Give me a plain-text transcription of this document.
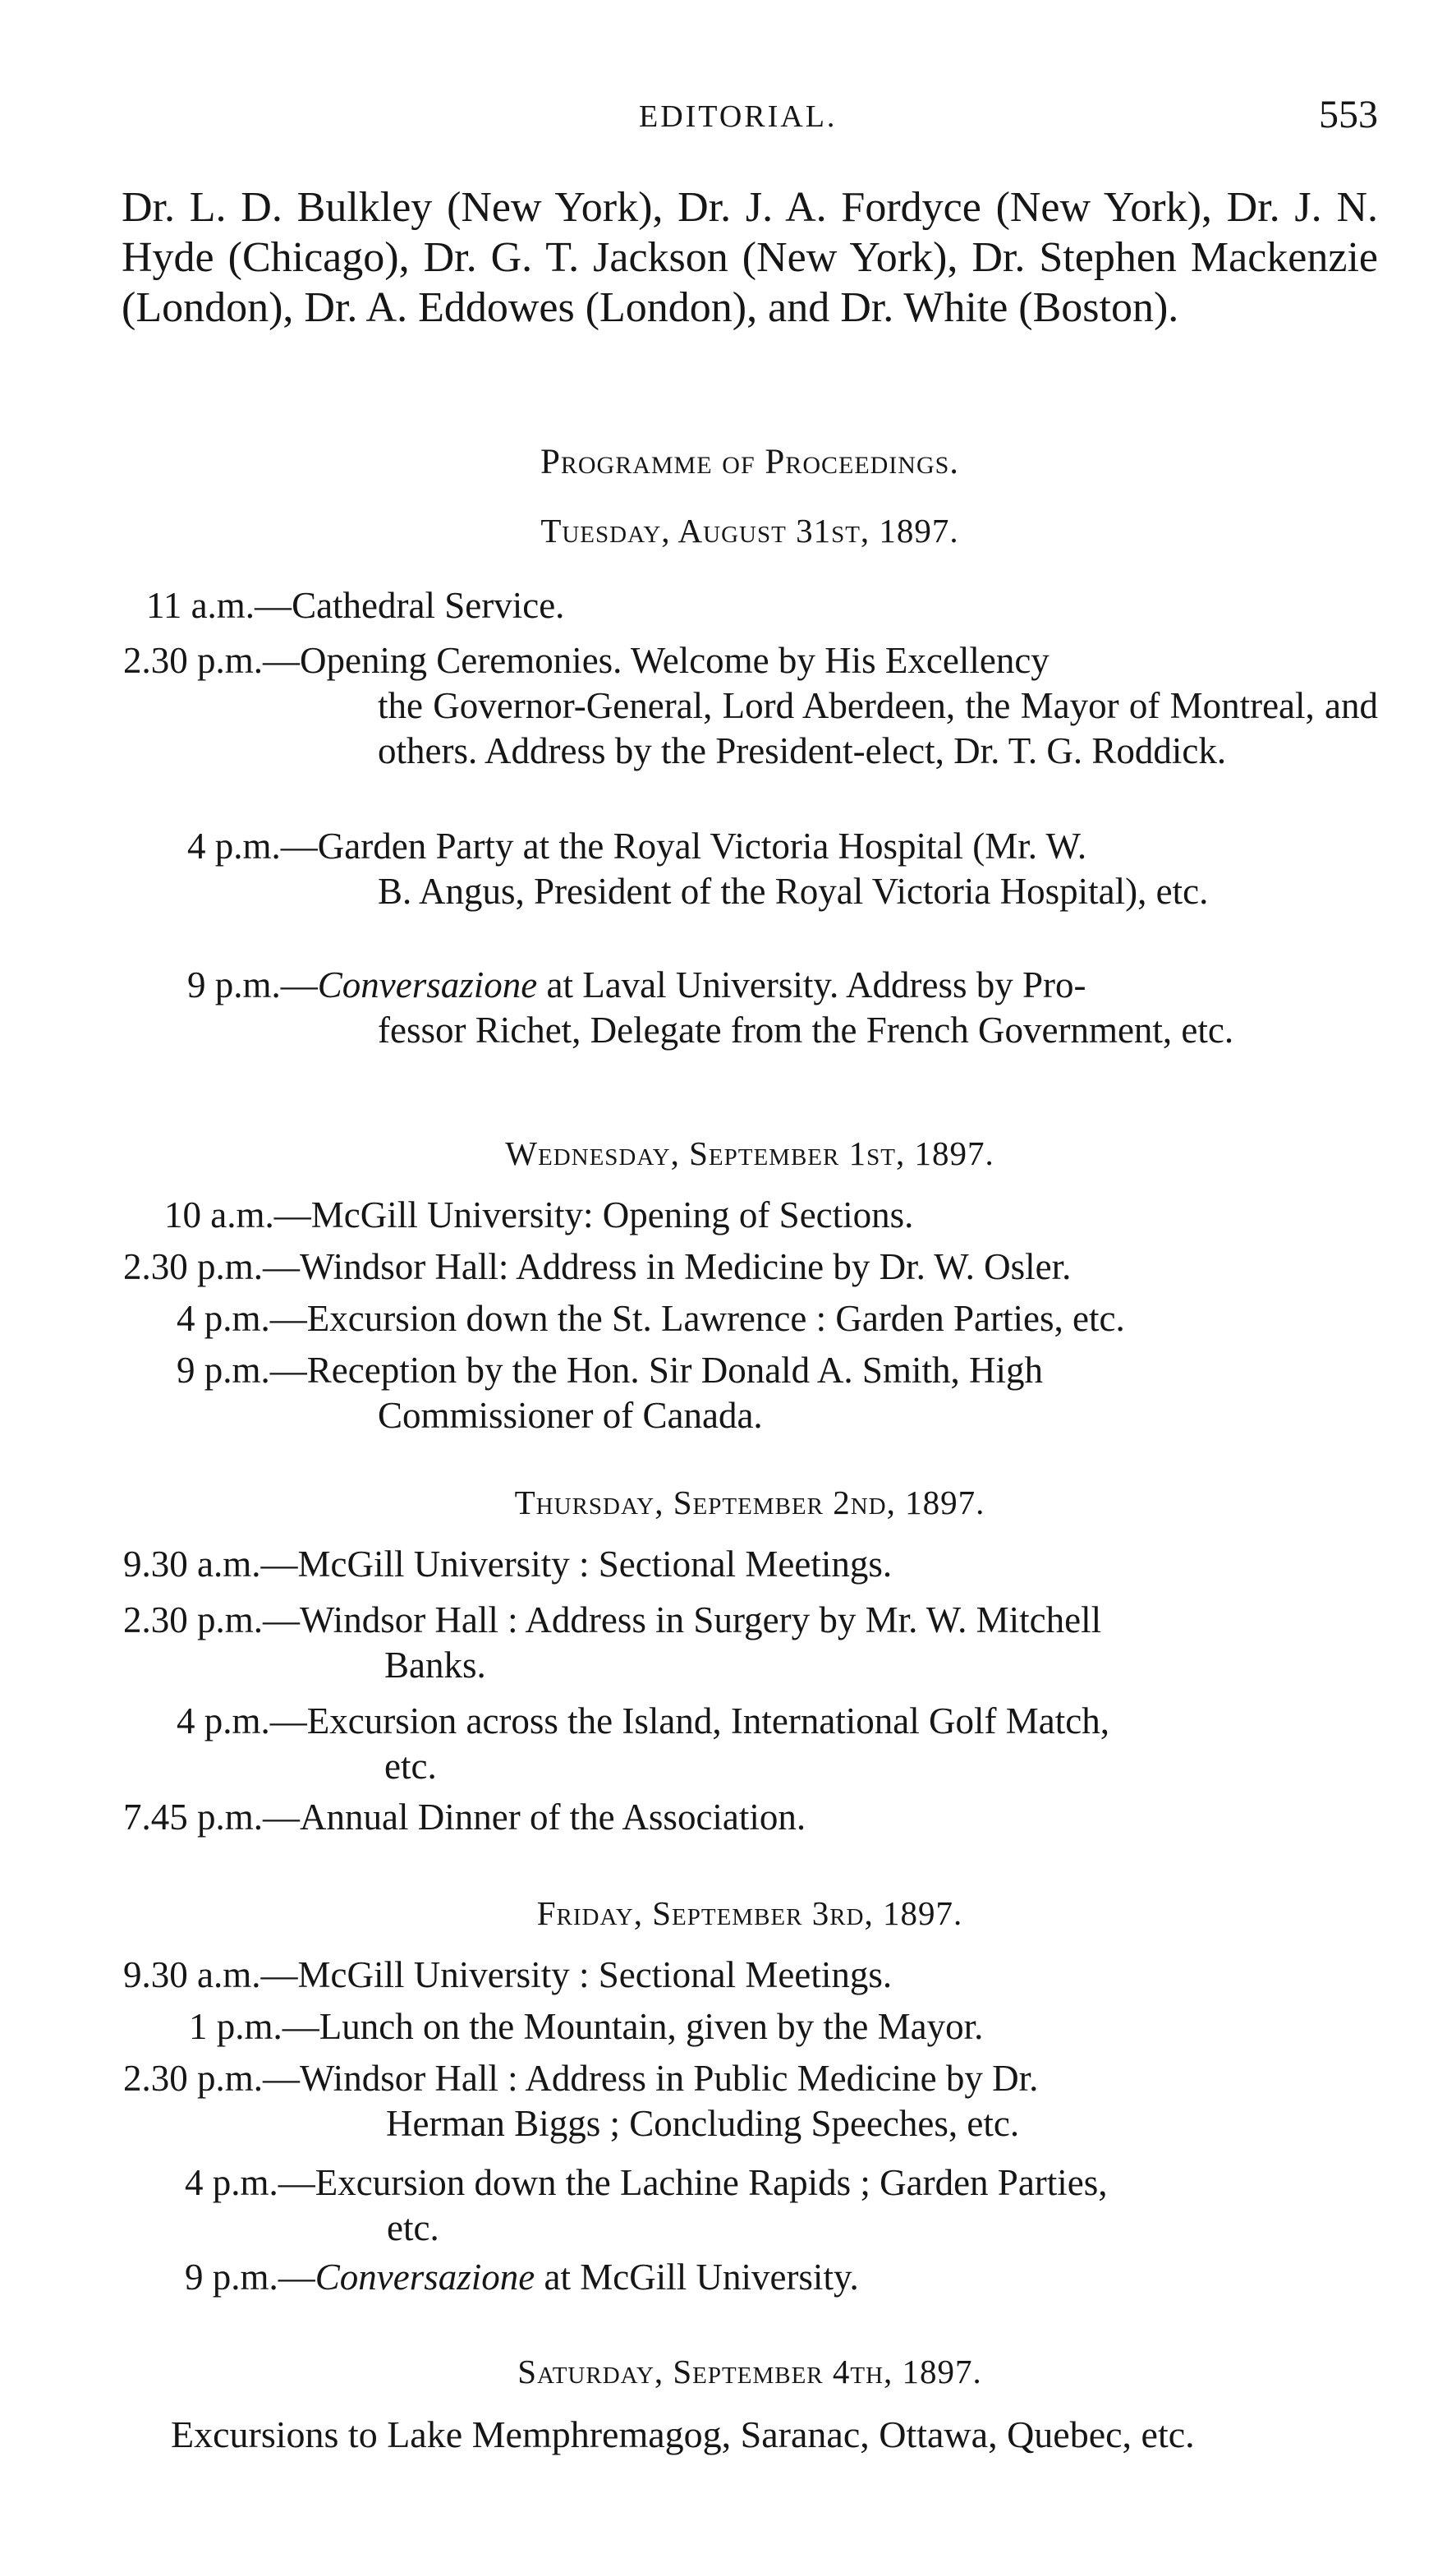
EDITORIAL.	553

Dr. L. D. Bulkley (New York), Dr. J. A. Fordyce (New York), Dr. J. N. Hyde (Chicago), Dr. G. T. Jackson (New York), Dr. Stephen Mackenzie (London), Dr. A. Eddowes (London), and Dr. White (Boston).

Programme of Proceedings.
Tuesday, August 31st, 1897.
11 a.m.—Cathedral Service.
2.30 p.m.—Opening Ceremonies. Welcome by His Excellency
the Governor-General, Lord Aberdeen, the Mayor of Montreal, and others. Address by the President-elect, Dr. T. G. Roddick.
4 p.m.—Garden Party at the Royal Victoria Hospital (Mr. W.
B. Angus, President of the Royal Victoria Hospital), etc.
9 p.m.—Conversazione at Laval University. Address by Pro-
fessor Richet, Delegate from the French Government, etc.
Wednesday, September 1st, 1897.
10 a.m.—McGill University: Opening of Sections.
2.30 p.m.—Windsor Hall: Address in Medicine by Dr. W. Osler.
4 p.m.—Excursion down the St. Lawrence : Garden Parties, etc.
9 p.m.—Reception by the Hon. Sir Donald A. Smith, High
Commissioner of Canada.
Thursday, September 2nd, 1897.
9.30 a.m.—McGill University : Sectional Meetings.
2.30 p.m.—Windsor Hall : Address in Surgery by Mr. W. Mitchell
Banks.
4 p.m.—Excursion across the Island, International Golf Match,
etc.
7.45 p.m.—Annual Dinner of the Association.
Friday, September 3rd, 1897.
9.30 a.m.—McGill University : Sectional Meetings.
1 p.m.—Lunch on the Mountain, given by the Mayor.
2.30 p.m.—Windsor Hall : Address in Public Medicine by Dr.
Herman Biggs ; Concluding Speeches, etc.
4 p.m.—Excursion down the Lachine Rapids ; Garden Parties,
etc.
9 p.m.—Conversazione at McGill University.
Saturday, September 4th, 1897.

Excursions to Lake Memphremagog, Saranac, Ottawa, Quebec, etc.
